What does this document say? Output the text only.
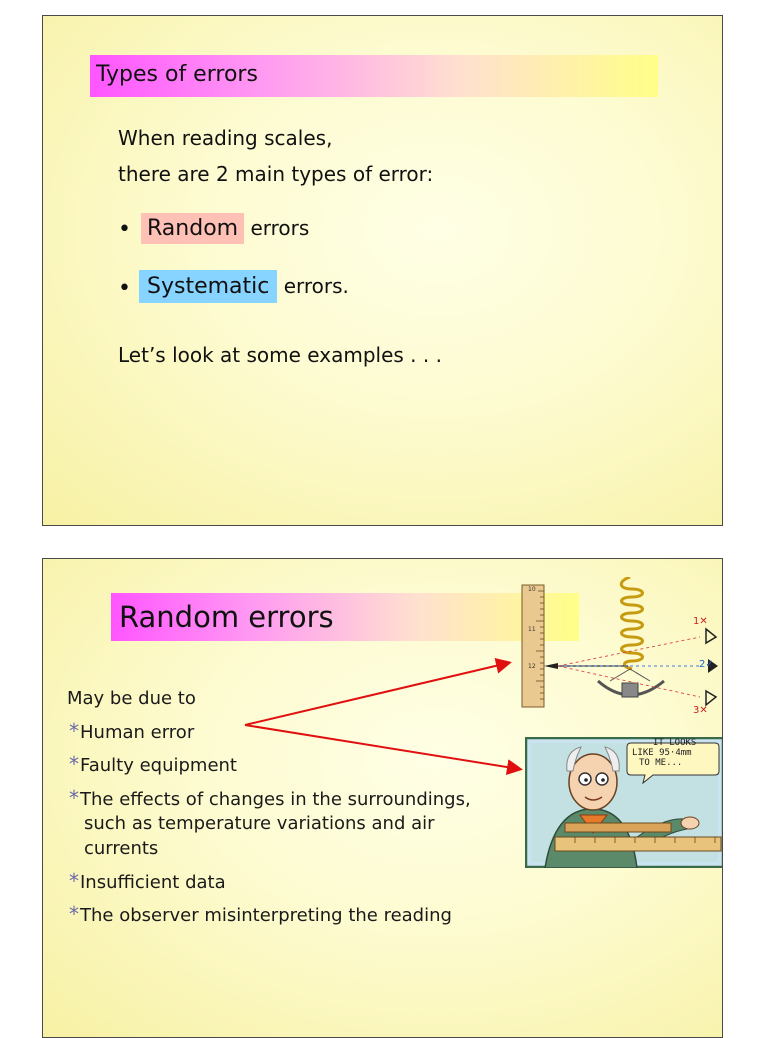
Types of errors
When reading scales,
there are 2 main types of error:
• Random errors
• Systematic errors.
Let’s look at some examples . . .
Random errors
May be due to
*Human error
*Faulty equipment
*The effects of changes in the surroundings,
such as temperature variations and air
currents
*Insufficient data
*The observer misinterpreting the reading
10
11
12
1✕
2✓
3✕
IT LOOKS
LIKE 95·4mm
TO ME...
